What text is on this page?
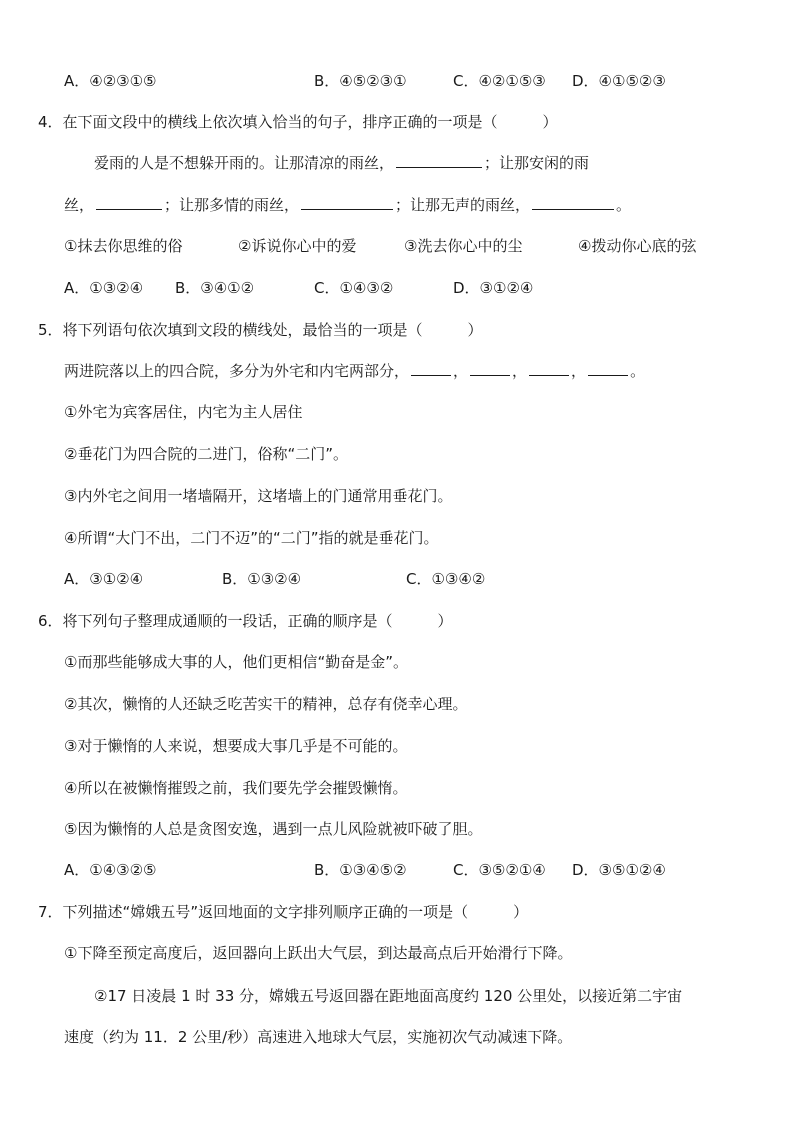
A．④②③①⑤	B．④⑤②③①	C．④②①⑤③ D．④①⑤②③
4．在下面文段中的横线上依次填入恰当的句子，排序正确的一项是（　　　）
爱雨的人是不想躲开雨的。让那清凉的雨丝，	；让那安闲的雨
丝，	；让那多情的雨丝，	；让那无声的雨丝，	。
①抹去你思维的俗	②诉说你心中的爱	③洗去你心中的尘	④拨动你心底的弦
A．①③②④ B．③④①②	C．①④③②	D．③①②④
5．将下列语句依次填到文段的横线处，最恰当的一项是（　　　）
两进院落以上的四合院，多分为外宅和内宅两部分，	，	，	，	。
①外宅为宾客居住，内宅为主人居住
②垂花门为四合院的二进门，俗称“二门”。
③内外宅之间用一堵墙隔开，这堵墙上的门通常用垂花门。
④所谓“大门不出，二门不迈”的“二门”指的就是垂花门。
A．③①②④	B．①③②④	C．①③④②
6．将下列句子整理成通顺的一段话，正确的顺序是（　　　）
①而那些能够成大事的人，他们更相信“勤奋是金”。
②其次，懒惰的人还缺乏吃苦实干的精神，总存有侥幸心理。
③对于懒惰的人来说，想要成大事几乎是不可能的。
④所以在被懒惰摧毁之前，我们要先学会摧毁懒惰。
⑤因为懒惰的人总是贪图安逸，遇到一点儿风险就被吓破了胆。
A．①④③②⑤	B．①③④⑤②	C．③⑤②①④ D．③⑤①②④
7．下列描述“嫦娥五号”返回地面的文字排列顺序正确的一项是（　　　）
①下降至预定高度后，返回器向上跃出大气层，到达最高点后开始滑行下降。
②17 日凌晨 1 时 33 分，嫦娥五号返回器在距地面高度约 120 公里处，以接近第二宇宙
速度（约为 11．2 公里/秒）高速进入地球大气层，实施初次气动减速下降。
